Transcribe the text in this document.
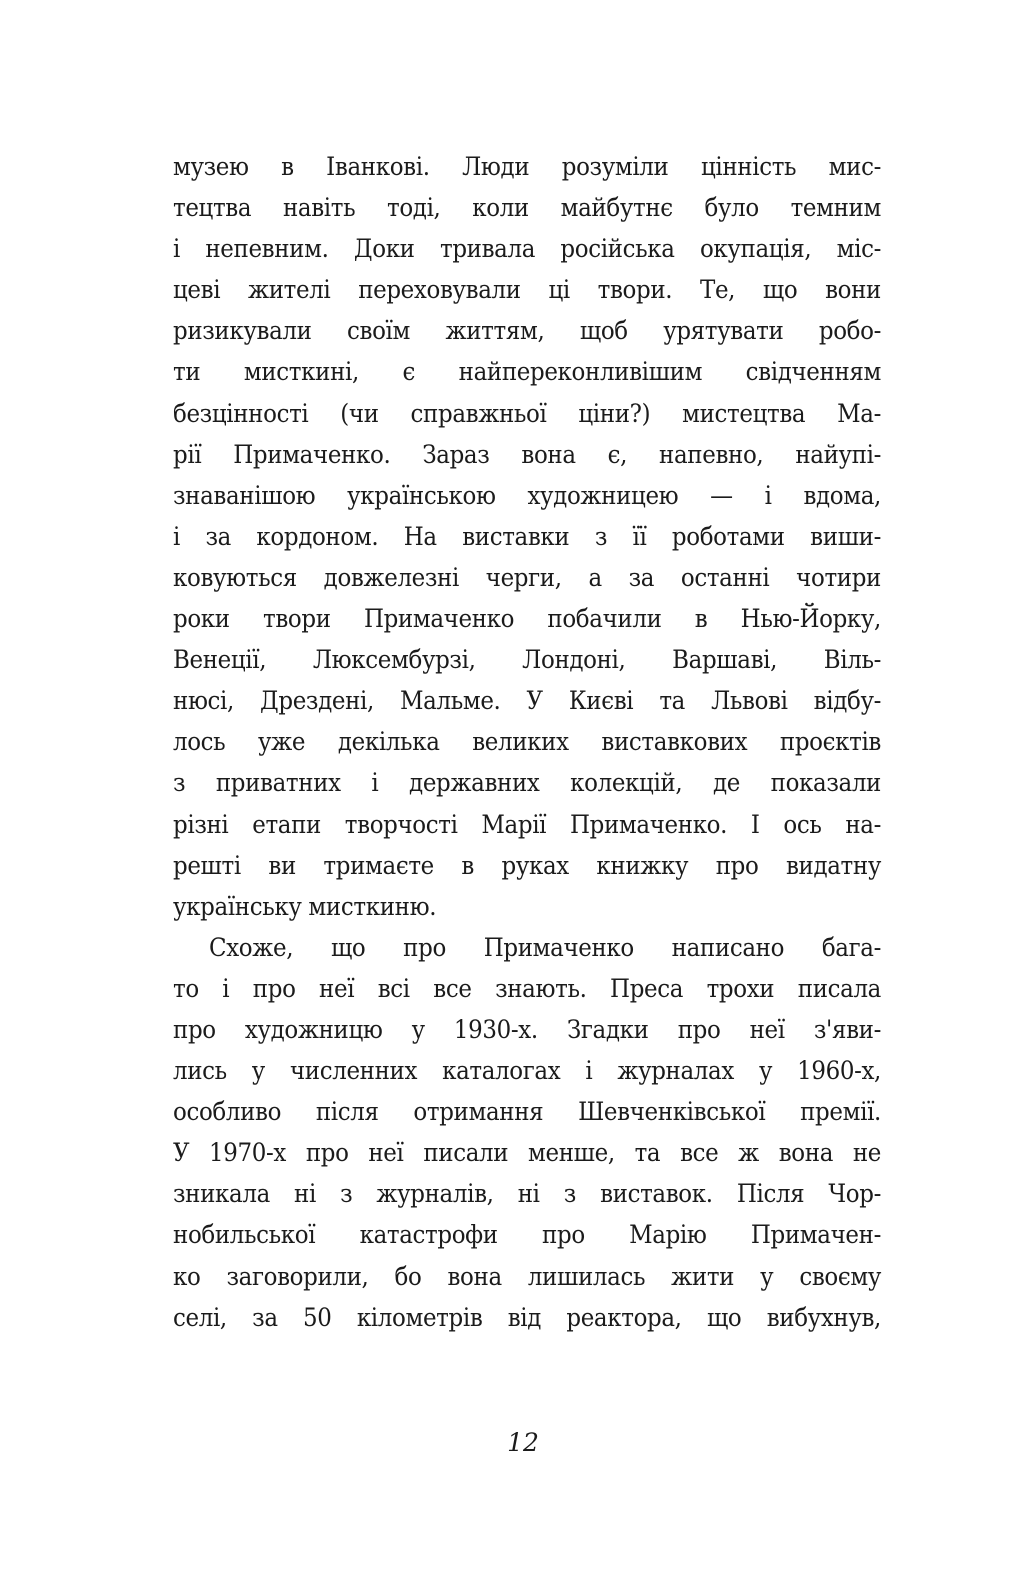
музею в Іванкові. Люди розуміли цінність мис-
тецтва навіть тоді, коли майбутнє було темним
і непевним. Доки тривала російська окупація, міс-
цеві жителі переховували ці твори. Те, що вони
ризикували своїм життям, щоб урятувати робо-
ти мисткині, є найпереконливішим свідченням
безцінності (чи справжньої ціни?) мистецтва Ма-
рії Примаченко. Зараз вона є, напевно, найупі-
знаванішою українською художницею — і вдома,
і за кордоном. На виставки з її роботами виши-
ковуються довжелезні черги, а за останні чотири
роки твори Примаченко побачили в Нью-Йорку,
Венеції, Люксембурзі, Лондоні, Варшаві, Віль-
нюсі, Дрездені, Мальме. У Києві та Львові відбу-
лось уже декілька великих виставкових проєктів
з приватних і державних колекцій, де показали
різні етапи творчості Марії Примаченко. І ось на-
решті ви тримаєте в руках книжку про видатну
українську мисткиню.
Схоже, що про Примаченко написано бага-
то і про неї всі все знають. Преса трохи писала
про художницю у 1930-х. Згадки про неї з'яви-
лись у численних каталогах і журналах у 1960-х,
особливо після отримання Шевченківської премії.
У 1970-х про неї писали менше, та все ж вона не
зникала ні з журналів, ні з виставок. Після Чор-
нобильської катастрофи про Марію Примачен-
ко заговорили, бо вона лишилась жити у своєму
селі, за 50 кілометрів від реактора, що вибухнув,
12
